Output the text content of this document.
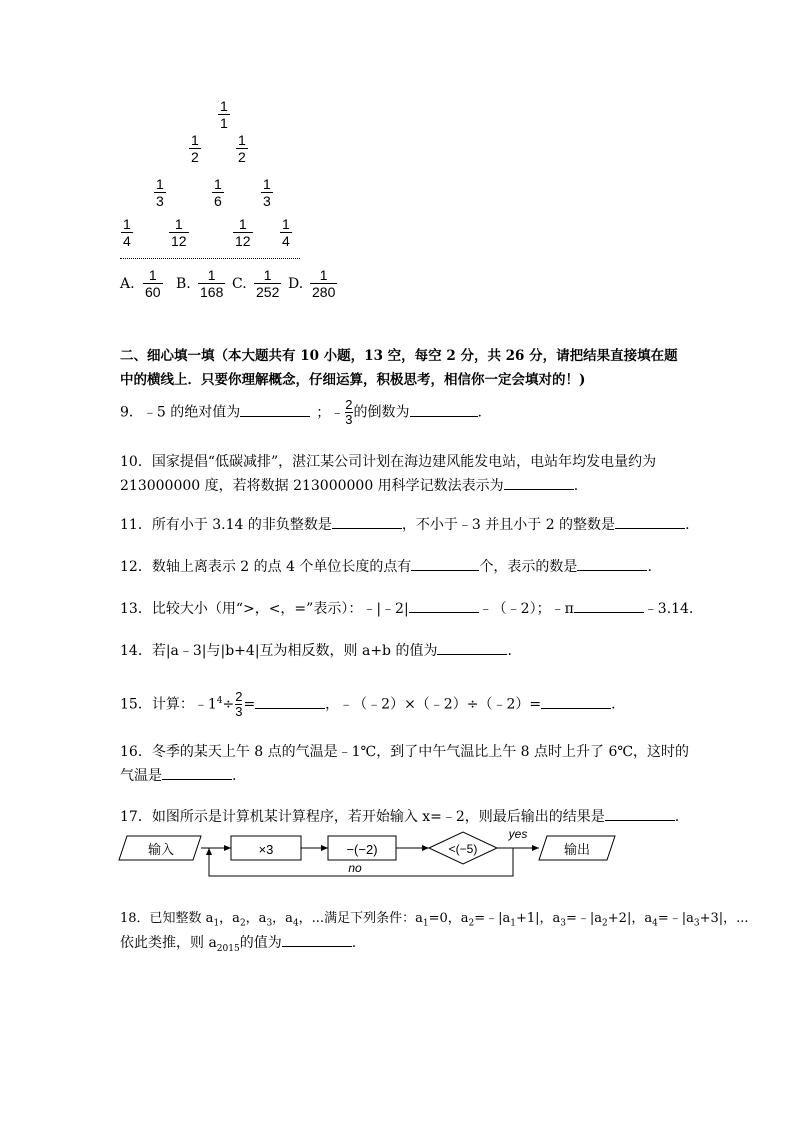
1
1
1
2
1
2
1
3
1
6
1
3
1
4
1
12
1
12
1
4
A.
1
60 B.
1
168 C.
1
252 D.
1
280
二、细心填一填（本大题共有 10 小题，13 空，每空 2 分，共 26 分，请把结果直接填在题
中的横线上．只要你理解概念，仔细运算，积极思考，相信你一定会填对的！)
9．﹣5 的绝对值为	；﹣ $\frac{2}{3}$ 的倒数为	.
10．国家提倡“低碳减排”，湛江某公司计划在海边建风能发电站，电站年均发电量约为
213000000 度，若将数据 213000000 用科学记数法表示为	.
11．所有小于 3.14 的非负整数是	，不小于﹣3 并且小于 2 的整数是	.
12．数轴上离表示 2 的点 4 个单位长度的点有	个，表示的数是	.
13．比较大小（用“>，<，=”表示）：﹣|﹣2|	﹣（﹣2）；﹣π	﹣3.14．
14．若|a﹣3|与|b+4|互为相反数，则 a+b 的值为	.
15．计算：$﹣1^4\div \frac{2}{3}$ =	，﹣（﹣2）×（﹣2）÷（﹣2）=	.
16．冬季的某天上午 8 点的气温是﹣1℃，到了中午气温比上午 8 点时上升了 6℃，这时的
气温是	.
17．如图所示是计算机某计算程序，若开始输入 x=﹣2，则最后输出的结果是	.
输入	×3	−(−2)	<(−5)
yes
no
输出
18．已知整数 $a_1$，$a_2$，$a_3$，$a_4$，...满足下列条件：$a_1=0$，$a_2=﹣|a_1+1|$，$a_3=﹣|a_2+2|$，$a_4=﹣|a_3+3|$，...
依此类推，则 $a_{2015}$的值为	.
